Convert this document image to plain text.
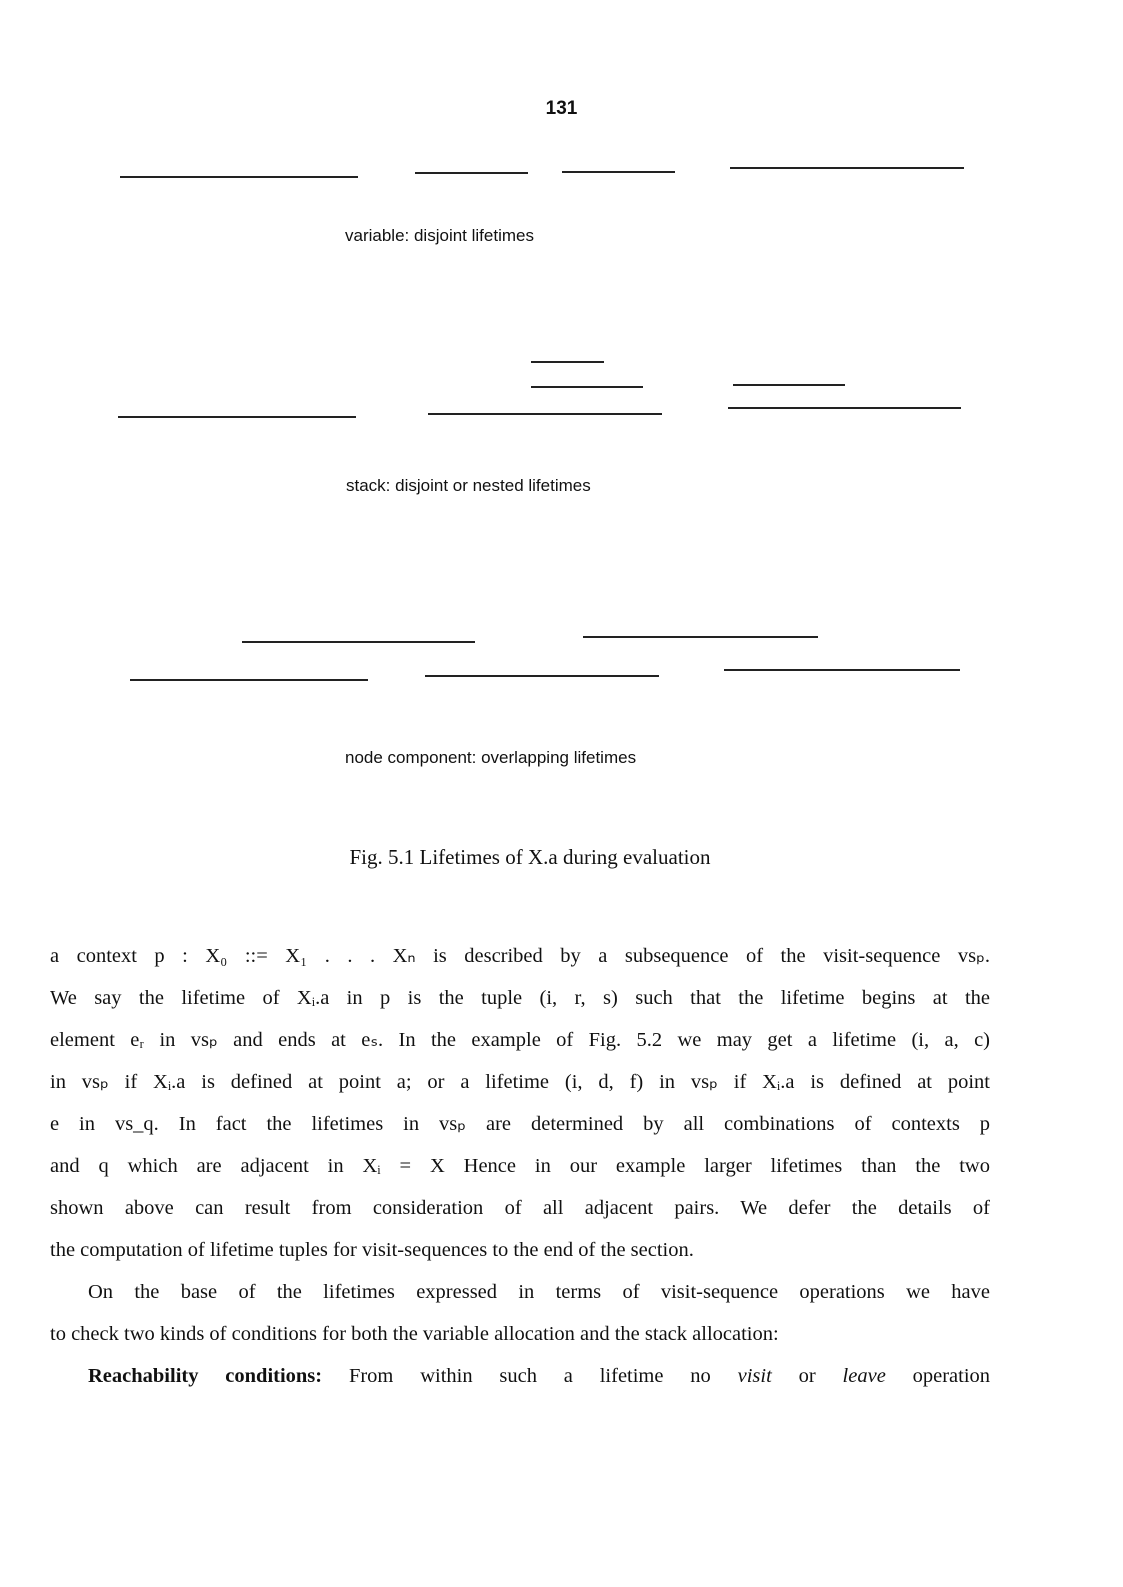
131
variable: disjoint lifetimes
stack: disjoint or nested lifetimes
node component: overlapping lifetimes
Fig. 5.1 Lifetimes of X.a during evaluation
a context p : X₀ ::= X₁ . . . Xₙ is described by a subsequence of the visit-sequence vsₚ.
We say the lifetime of Xᵢ.a in p is the tuple (i, r, s) such that the lifetime begins at the
element eᵣ in vsₚ and ends at eₛ. In the example of Fig. 5.2 we may get a lifetime (i, a, c)
in vsₚ if Xᵢ.a is defined at point a; or a lifetime (i, d, f) in vsₚ if Xᵢ.a is defined at point
e in vs_q. In fact the lifetimes in vsₚ are determined by all combinations of contexts p
and q which are adjacent in Xᵢ = X Hence in our example larger lifetimes than the two
shown above can result from consideration of all adjacent pairs. We defer the details of
the computation of lifetime tuples for visit-sequences to the end of the section.
On the base of the lifetimes expressed in terms of visit-sequence operations we have
to check two kinds of conditions for both the variable allocation and the stack allocation:
Reachability conditions: From within such a lifetime no visit or leave operation
